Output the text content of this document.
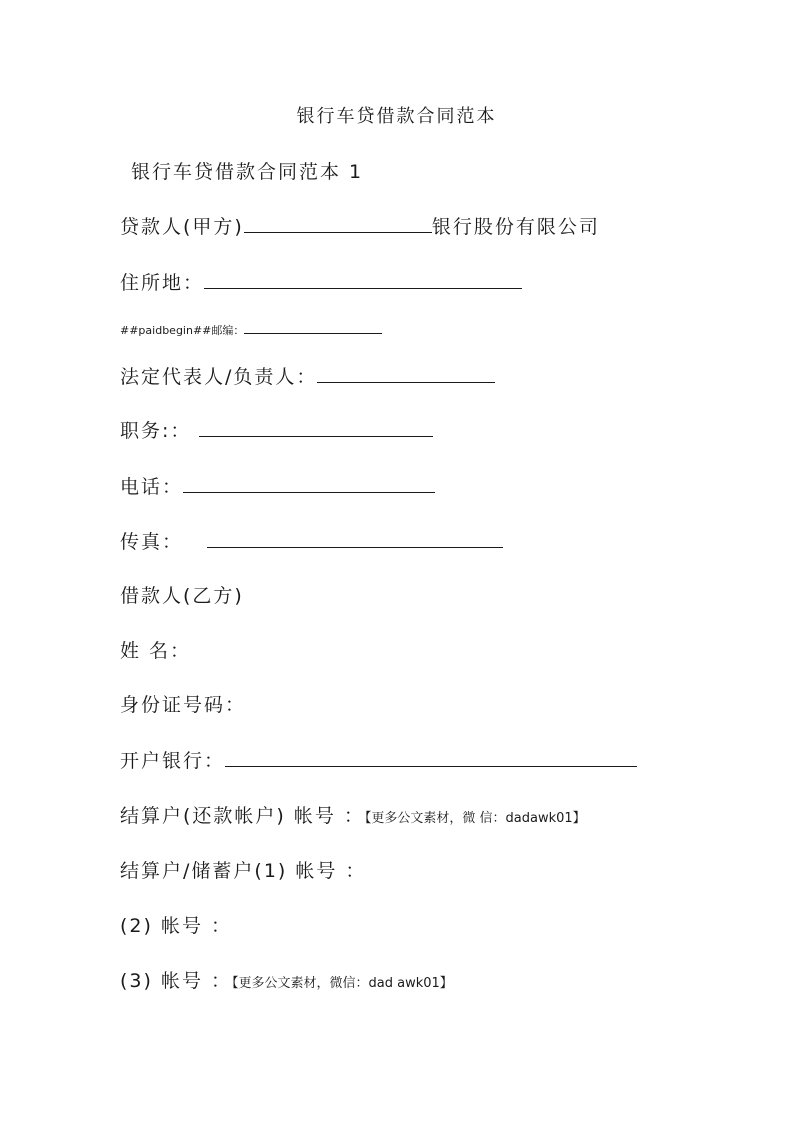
银行车贷借款合同范本
银行车贷借款合同范本 1
贷款人(甲方)	银行股份有限公司
住所地：
##paidbegin##邮编：
法定代表人/负责人：
职务:：
电话：
传真：
借款人(乙方)
姓 名：
身份证号码：
开户银行：
结算户(还款帐户) 帐号 ：【更多公文素材，微 信：dadawk01】
结算户/储蓄户(1) 帐号 ：
(2) 帐号 ：
(3) 帐号 ：【更多公文素材，微信：dad awk01】
